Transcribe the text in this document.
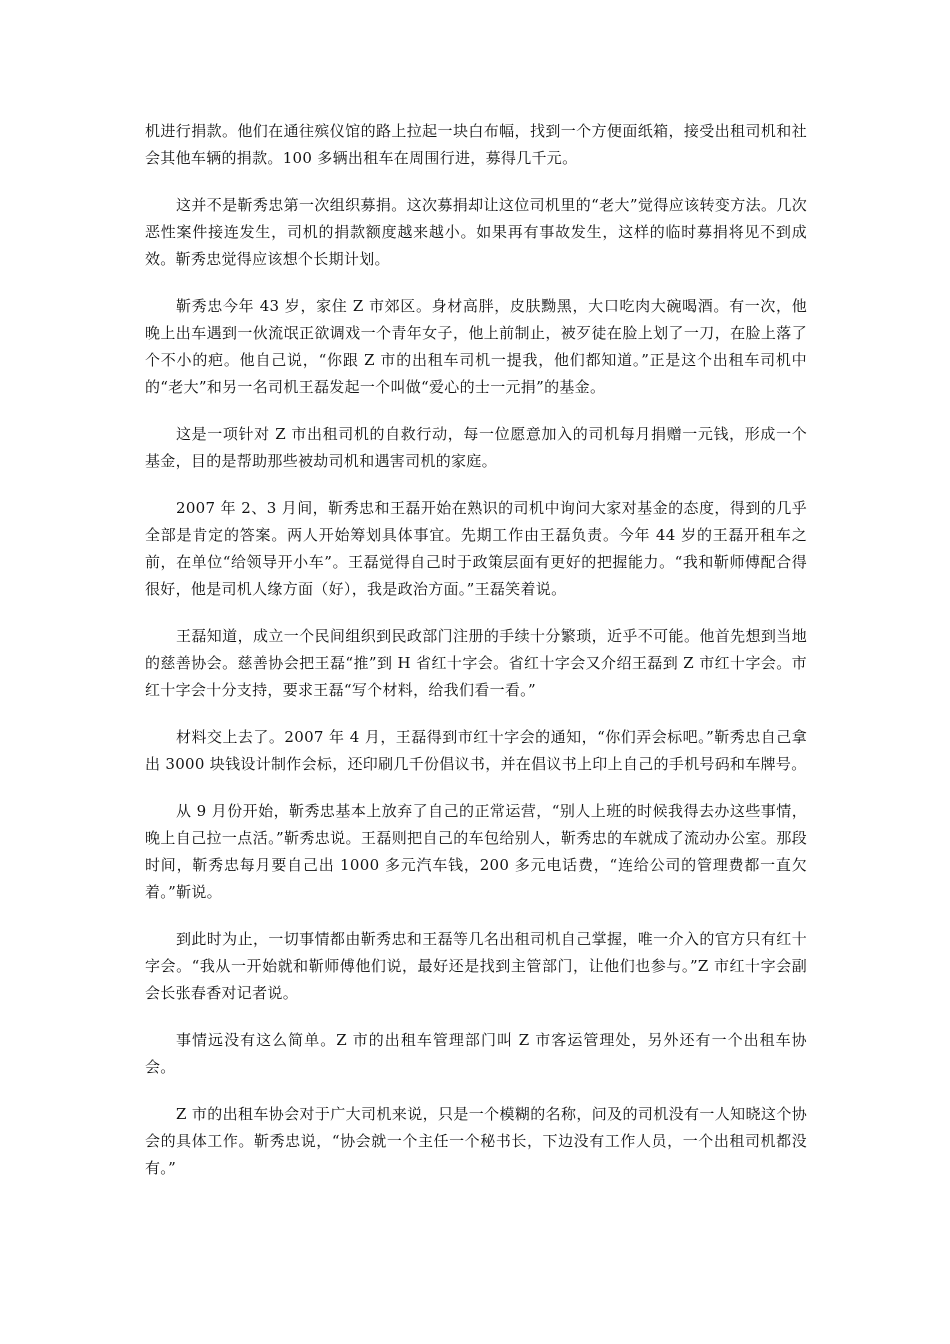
机进行捐款。他们在通往殡仪馆的路上拉起一块白布幅，找到一个方便面纸箱，接受出租司机和社会其他车辆的捐款。100 多辆出租车在周围行进，募得几千元。

这并不是靳秀忠第一次组织募捐。这次募捐却让这位司机里的“老大”觉得应该转变方法。几次恶性案件接连发生，司机的捐款额度越来越小。如果再有事故发生，这样的临时募捐将见不到成效。靳秀忠觉得应该想个长期计划。

靳秀忠今年 43 岁，家住 Z 市郊区。身材高胖，皮肤黝黑，大口吃肉大碗喝酒。有一次，他晚上出车遇到一伙流氓正欲调戏一个青年女子，他上前制止，被歹徒在脸上划了一刀，在脸上落了个不小的疤。他自己说，“你跟 Z 市的出租车司机一提我，他们都知道。”正是这个出租车司机中的“老大”和另一名司机王磊发起一个叫做“爱心的士一元捐”的基金。

这是一项针对 Z 市出租司机的自救行动，每一位愿意加入的司机每月捐赠一元钱，形成一个基金，目的是帮助那些被劫司机和遇害司机的家庭。

2007 年 2、3 月间，靳秀忠和王磊开始在熟识的司机中询问大家对基金的态度，得到的几乎全部是肯定的答案。两人开始筹划具体事宜。先期工作由王磊负责。今年 44 岁的王磊开租车之前，在单位“给领导开小车”。王磊觉得自己时于政策层面有更好的把握能力。“我和靳师傅配合得很好，他是司机人缘方面（好），我是政治方面。”王磊笑着说。

王磊知道，成立一个民间组织到民政部门注册的手续十分繁琐，近乎不可能。他首先想到当地的慈善协会。慈善协会把王磊“推”到 H 省红十字会。省红十字会又介绍王磊到 Z 市红十字会。市红十字会十分支持，要求王磊“写个材料，给我们看一看。”

材料交上去了。2007 年 4 月，王磊得到市红十字会的通知，“你们弄会标吧。”靳秀忠自己拿出 3000 块钱设计制作会标，还印刷几千份倡议书，并在倡议书上印上自己的手机号码和车牌号。

从 9 月份开始，靳秀忠基本上放弃了自己的正常运营，“别人上班的时候我得去办这些事情，晚上自己拉一点活。”靳秀忠说。王磊则把自己的车包给别人，靳秀忠的车就成了流动办公室。那段时间，靳秀忠每月要自己出 1000 多元汽车钱，200 多元电话费，“连给公司的管理费都一直欠着。”靳说。

到此时为止，一切事情都由靳秀忠和王磊等几名出租司机自己掌握，唯一介入的官方只有红十字会。“我从一开始就和靳师傅他们说，最好还是找到主管部门，让他们也参与。”Z 市红十字会副会长张春香对记者说。

事情远没有这么简单。Z 市的出租车管理部门叫 Z 市客运管理处，另外还有一个出租车协会。

Z 市的出租车协会对于广大司机来说，只是一个模糊的名称，问及的司机没有一人知晓这个协会的具体工作。靳秀忠说，“协会就一个主任一个秘书长，下边没有工作人员，一个出租司机都没有。”
